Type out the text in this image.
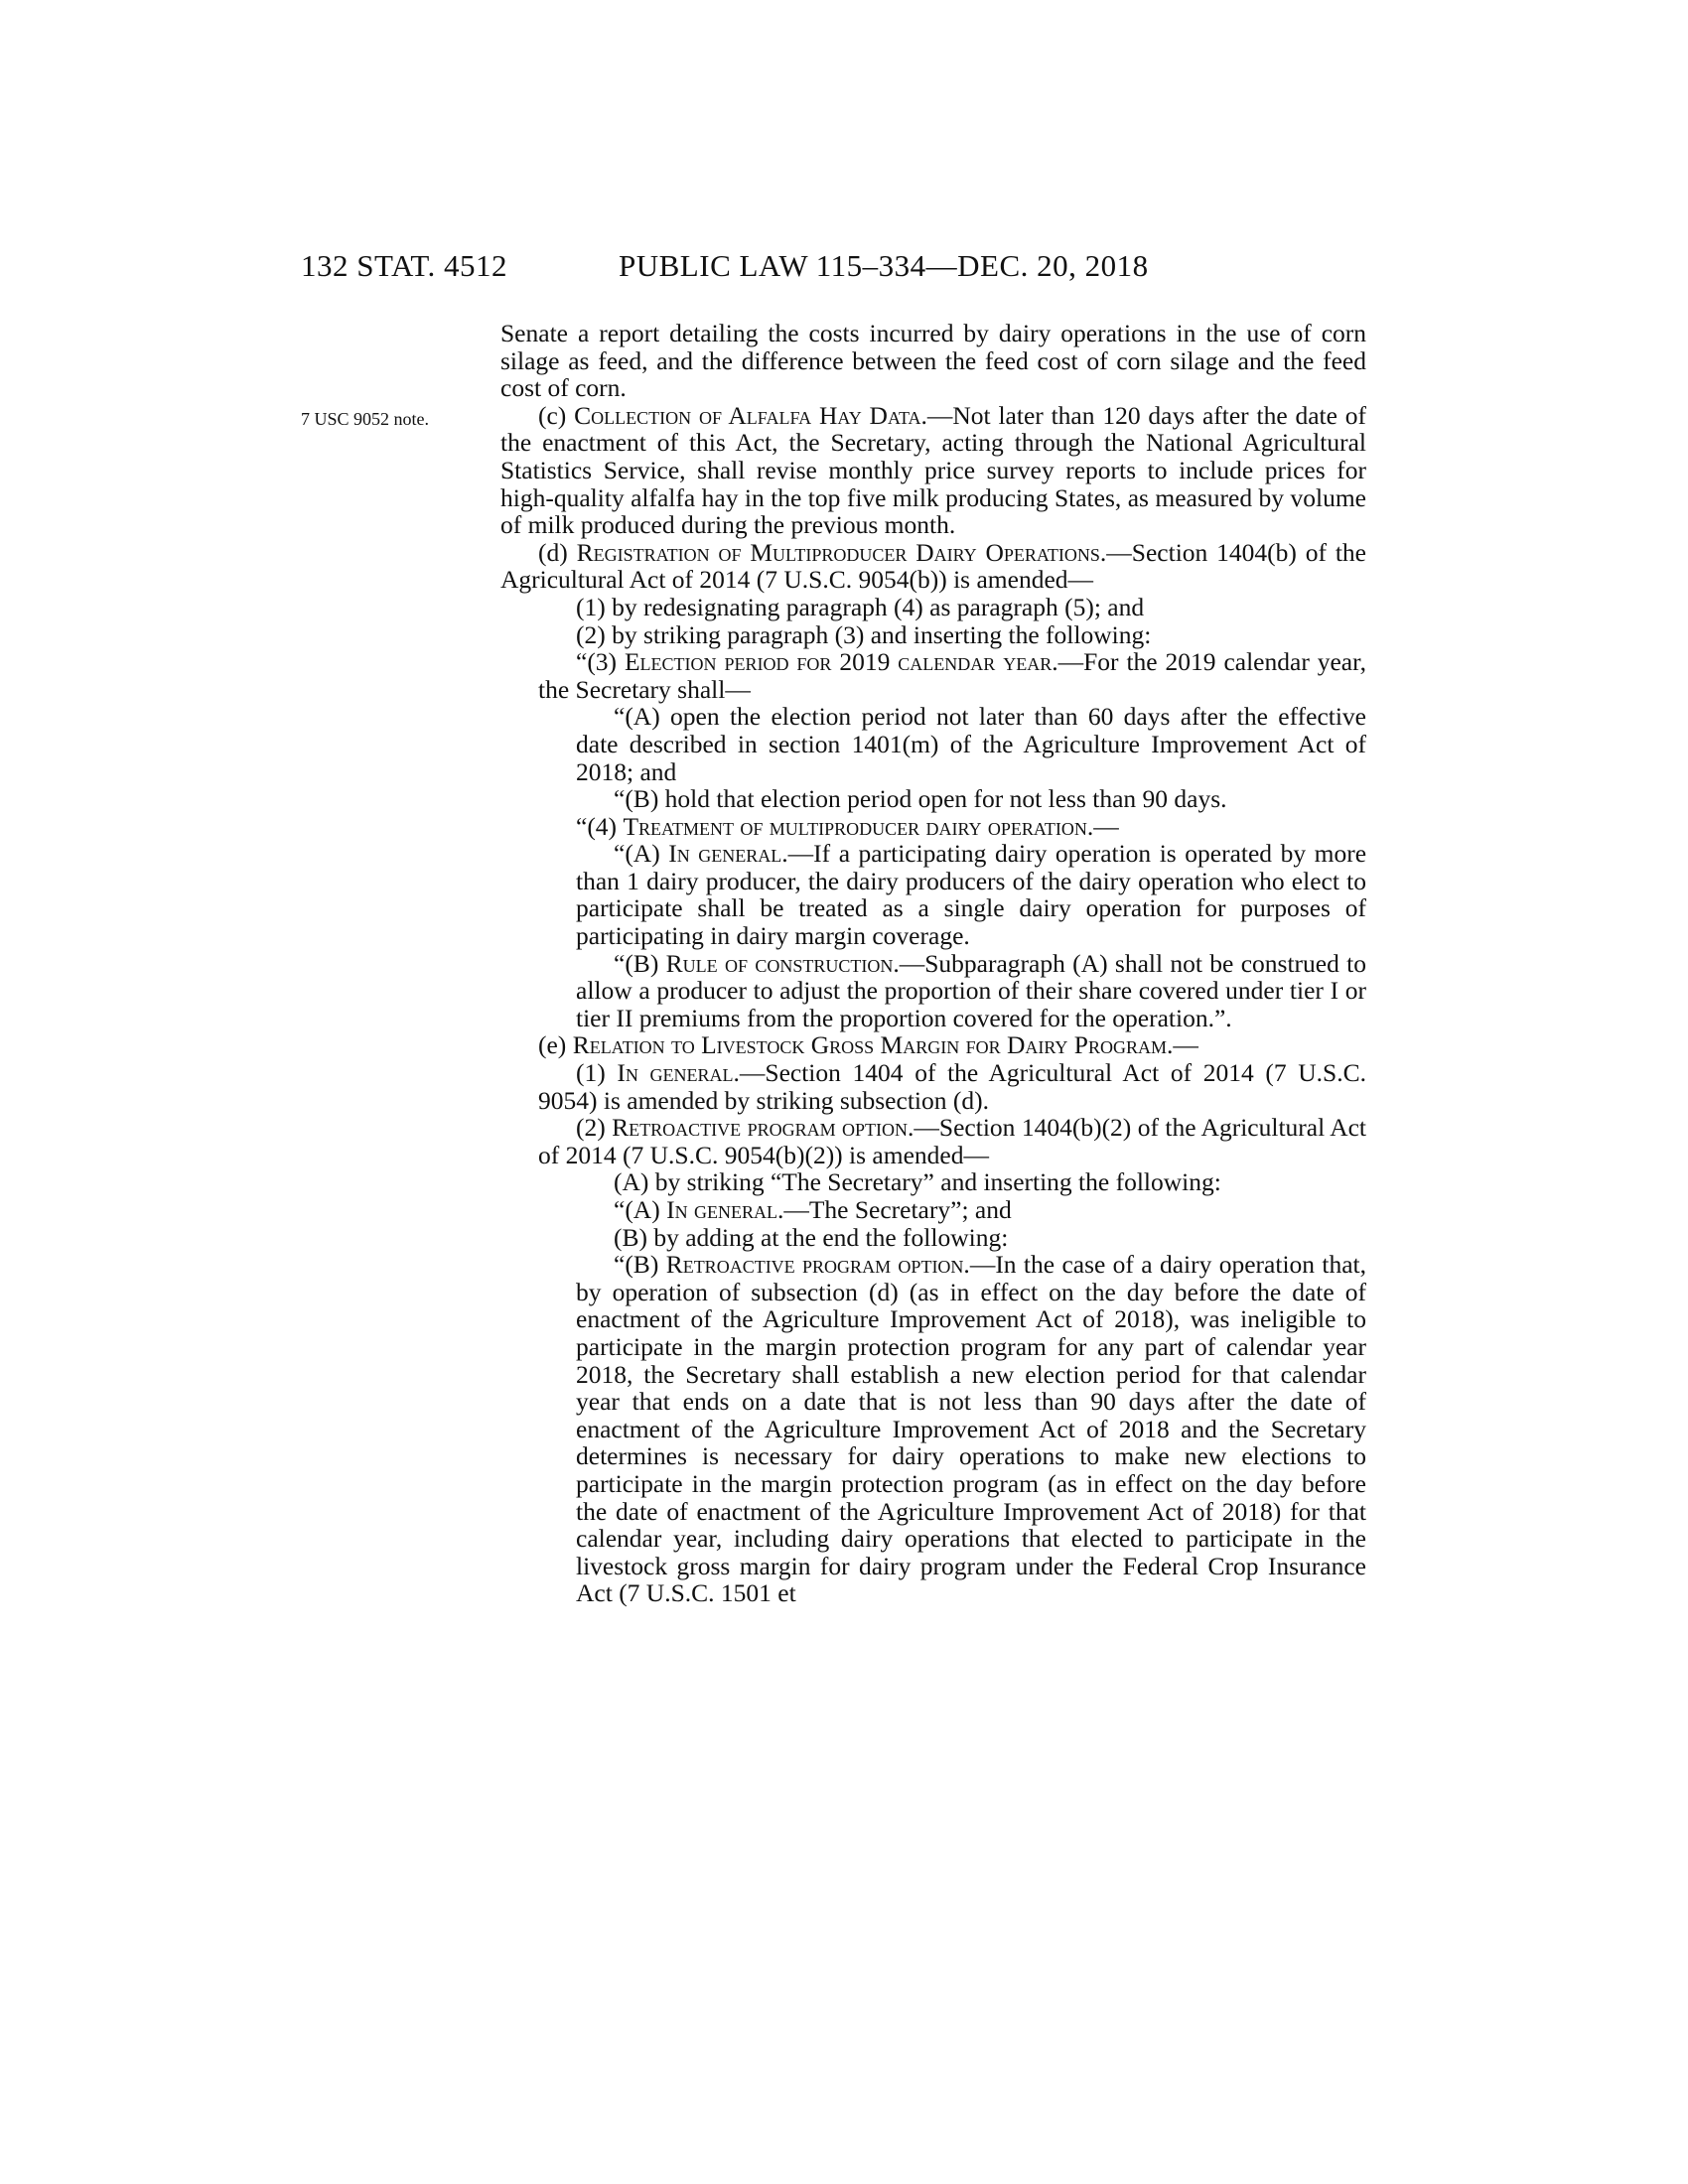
132 STAT. 4512	PUBLIC LAW 115–334—DEC. 20, 2018
7 USC 9052 note.

Senate a report detailing the costs incurred by dairy operations in the use of corn silage as feed, and the difference between the feed cost of corn silage and the feed cost of corn.

(c) Collection of Alfalfa Hay Data.—Not later than 120 days after the date of the enactment of this Act, the Secretary, acting through the National Agricultural Statistics Service, shall revise monthly price survey reports to include prices for high-quality alfalfa hay in the top five milk producing States, as measured by volume of milk produced during the previous month.

(d) Registration of Multiproducer Dairy Operations.—Section 1404(b) of the Agricultural Act of 2014 (7 U.S.C. 9054(b)) is amended—

(1) by redesignating paragraph (4) as paragraph (5); and

(2) by striking paragraph (3) and inserting the following:

“(3) Election period for 2019 calendar year.—For the 2019 calendar year, the Secretary shall—

“(A) open the election period not later than 60 days after the effective date described in section 1401(m) of the Agriculture Improvement Act of 2018; and

“(B) hold that election period open for not less than 90 days.

“(4) Treatment of multiproducer dairy operation.—

“(A) In general.—If a participating dairy operation is operated by more than 1 dairy producer, the dairy producers of the dairy operation who elect to participate shall be treated as a single dairy operation for purposes of participating in dairy margin coverage.

“(B) Rule of construction.—Subparagraph (A) shall not be construed to allow a producer to adjust the proportion of their share covered under tier I or tier II premiums from the proportion covered for the operation.”.

(e) Relation to Livestock Gross Margin for Dairy Program.—

(1) In general.—Section 1404 of the Agricultural Act of 2014 (7 U.S.C. 9054) is amended by striking subsection (d).

(2) Retroactive program option.—Section 1404(b)(2) of the Agricultural Act of 2014 (7 U.S.C. 9054(b)(2)) is amended—

(A) by striking “The Secretary” and inserting the following:

“(A) In general.—The Secretary”; and

(B) by adding at the end the following:

“(B) Retroactive program option.—In the case of a dairy operation that, by operation of subsection (d) (as in effect on the day before the date of enactment of the Agriculture Improvement Act of 2018), was ineligible to participate in the margin protection program for any part of calendar year 2018, the Secretary shall establish a new election period for that calendar year that ends on a date that is not less than 90 days after the date of enactment of the Agriculture Improvement Act of 2018 and the Secretary determines is necessary for dairy operations to make new elections to participate in the margin protection program (as in effect on the day before the date of enactment of the Agriculture Improvement Act of 2018) for that calendar year, including dairy operations that elected to participate in the livestock gross margin for dairy program under the Federal Crop Insurance Act (7 U.S.C. 1501 et
